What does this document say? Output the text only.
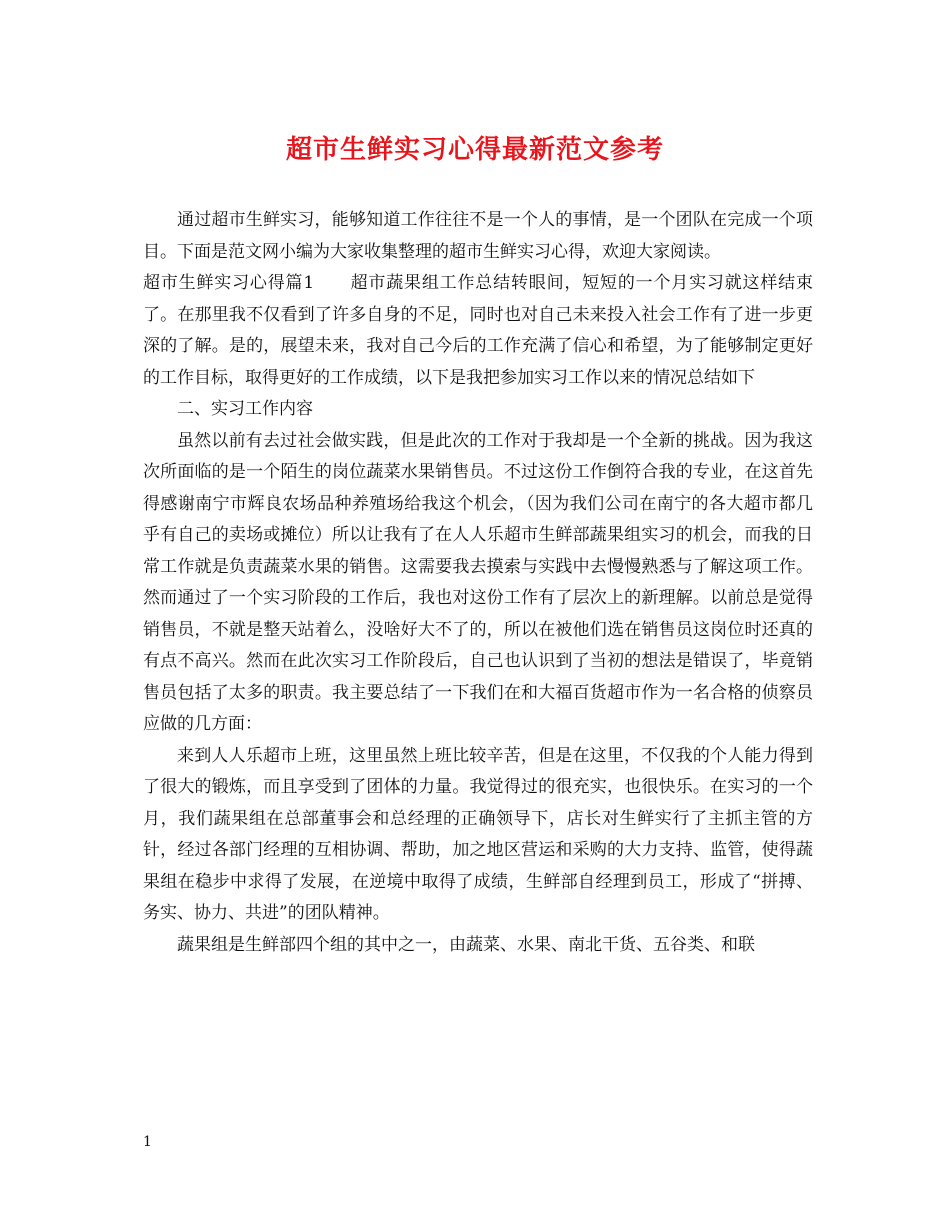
超市生鲜实习心得最新范文参考

通过超市生鲜实习，能够知道工作往往不是一个人的事情，是一个团队在完成一个项目。下面是范文网小编为大家收集整理的超市生鲜实习心得，欢迎大家阅读。

超市生鲜实习心得篇1　　超市蔬果组工作总结转眼间，短短的一个月实习就这样结束了。在那里我不仅看到了许多自身的不足，同时也对自己未来投入社会工作有了进一步更深的了解。是的，展望未来，我对自己今后的工作充满了信心和希望，为了能够制定更好的工作目标，取得更好的工作成绩，以下是我把参加实习工作以来的情况总结如下

二、实习工作内容

虽然以前有去过社会做实践，但是此次的工作对于我却是一个全新的挑战。因为我这次所面临的是一个陌生的岗位蔬菜水果销售员。不过这份工作倒符合我的专业，在这首先得感谢南宁市辉良农场品种养殖场给我这个机会，（因为我们公司在南宁的各大超市都几乎有自己的卖场或摊位）所以让我有了在人人乐超市生鲜部蔬果组实习的机会，而我的日常工作就是负责蔬菜水果的销售。这需要我去摸索与实践中去慢慢熟悉与了解这项工作。然而通过了一个实习阶段的工作后，我也对这份工作有了层次上的新理解。以前总是觉得销售员，不就是整天站着么，没啥好大不了的，所以在被他们选在销售员这岗位时还真的有点不高兴。然而在此次实习工作阶段后，自己也认识到了当初的想法是错误了，毕竟销售员包括了太多的职责。我主要总结了一下我们在和大福百货超市作为一名合格的侦察员应做的几方面：

来到人人乐超市上班，这里虽然上班比较辛苦，但是在这里，不仅我的个人能力得到了很大的锻炼，而且享受到了团体的力量。我觉得过的很充实，也很快乐。在实习的一个月，我们蔬果组在总部董事会和总经理的正确领导下，店长对生鲜实行了主抓主管的方针，经过各部门经理的互相协调、帮助，加之地区营运和采购的大力支持、监管，使得蔬果组在稳步中求得了发展，在逆境中取得了成绩，生鲜部自经理到员工，形成了“拼搏、务实、协力、共进”的团队精神。

蔬果组是生鲜部四个组的其中之一，由蔬菜、水果、南北干货、五谷类、和联

1
